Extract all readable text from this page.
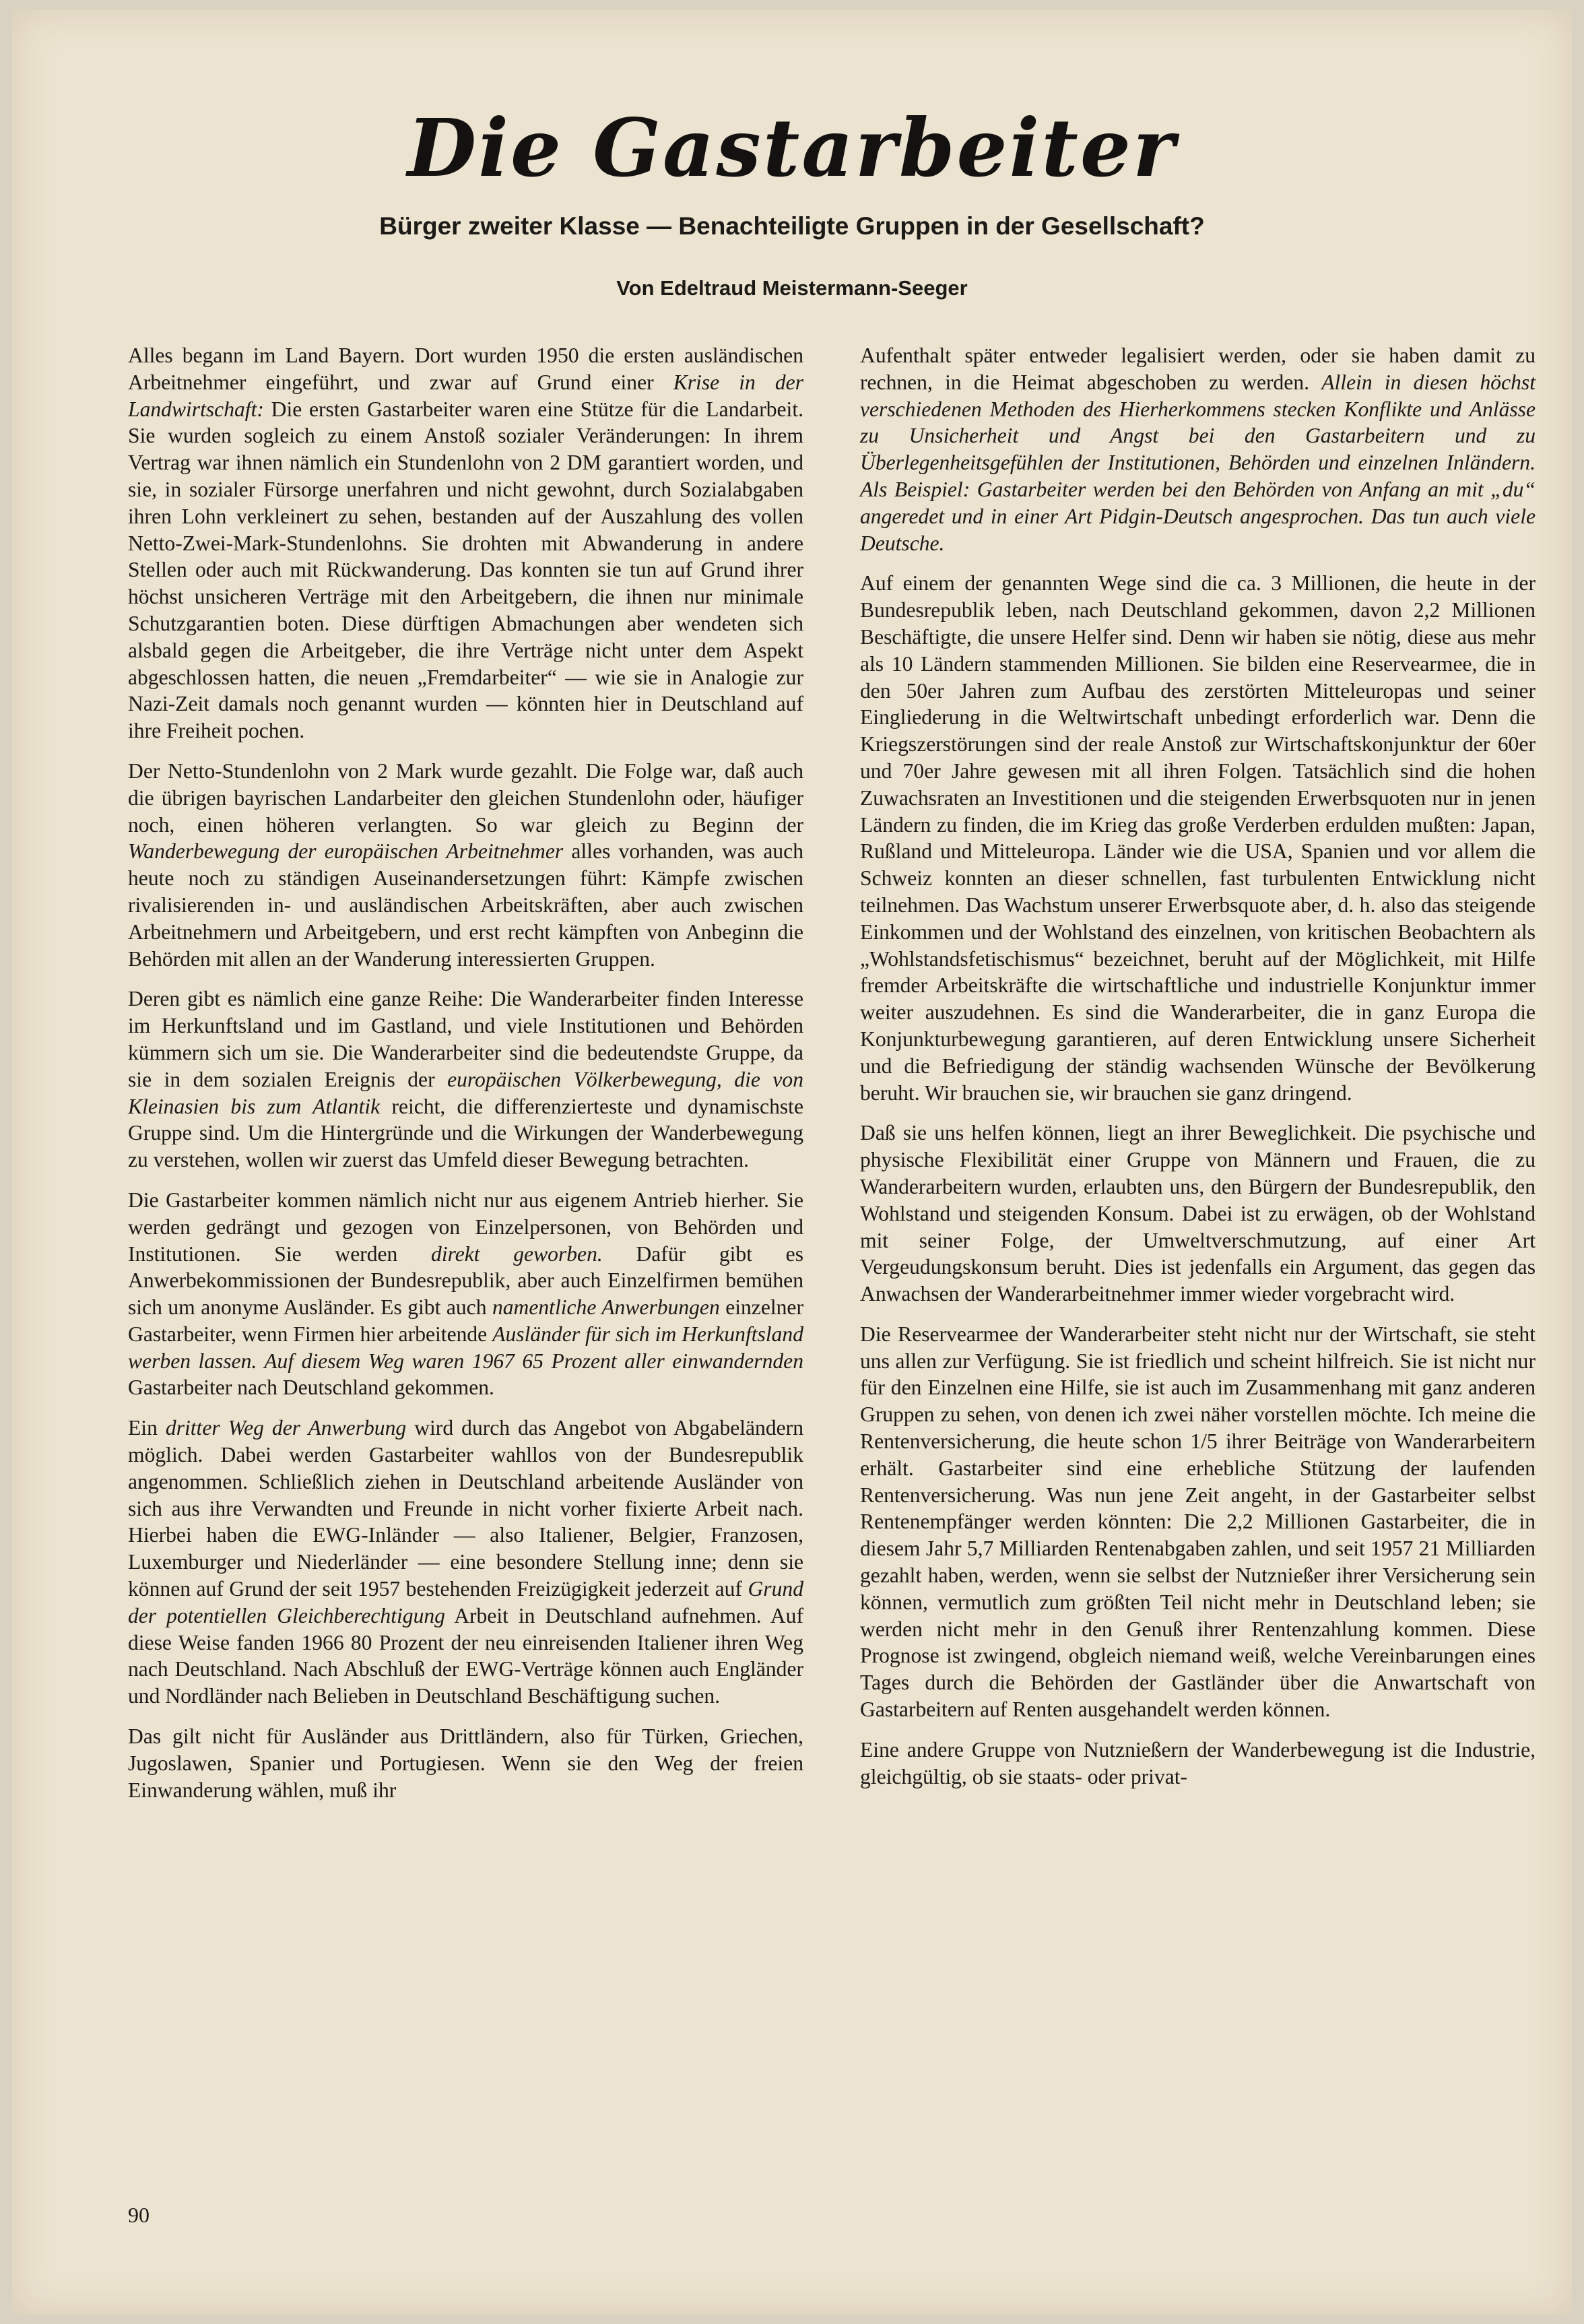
Die Gastarbeiter
Bürger zweiter Klasse — Benachteiligte Gruppen in der Gesellschaft?
Von Edeltraud Meistermann-Seeger

Alles begann im Land Bayern. Dort wurden 1950 die ersten ausländischen Arbeitnehmer eingeführt, und zwar auf Grund einer Krise in der Landwirtschaft: Die ersten Gastarbeiter waren eine Stütze für die Landarbeit. Sie wurden sogleich zu einem Anstoß sozialer Veränderungen: In ihrem Vertrag war ihnen nämlich ein Stundenlohn von 2 DM garantiert worden, und sie, in sozialer Fürsorge unerfahren und nicht gewohnt, durch Sozialabgaben ihren Lohn verkleinert zu sehen, bestanden auf der Auszahlung des vollen Netto-Zwei-Mark-Stundenlohns. Sie drohten mit Abwanderung in andere Stellen oder auch mit Rückwanderung. Das konnten sie tun auf Grund ihrer höchst unsicheren Verträge mit den Arbeitgebern, die ihnen nur minimale Schutzgarantien boten. Diese dürftigen Abmachungen aber wendeten sich alsbald gegen die Arbeitgeber, die ihre Verträge nicht unter dem Aspekt abgeschlossen hatten, die neuen „Fremdarbeiter“ — wie sie in Analogie zur Nazi-Zeit damals noch genannt wurden — könnten hier in Deutschland auf ihre Freiheit pochen.

Der Netto-Stundenlohn von 2 Mark wurde gezahlt. Die Folge war, daß auch die übrigen bayrischen Landarbeiter den gleichen Stundenlohn oder, häufiger noch, einen höheren verlangten. So war gleich zu Beginn der Wanderbewegung der europäischen Arbeitnehmer alles vorhanden, was auch heute noch zu ständigen Auseinandersetzungen führt: Kämpfe zwischen rivalisierenden in- und ausländischen Arbeitskräften, aber auch zwischen Arbeitnehmern und Arbeitgebern, und erst recht kämpften von Anbeginn die Behörden mit allen an der Wanderung interessierten Gruppen.

Deren gibt es nämlich eine ganze Reihe: Die Wanderarbeiter finden Interesse im Herkunftsland und im Gastland, und viele Institutionen und Behörden kümmern sich um sie. Die Wanderarbeiter sind die bedeutendste Gruppe, da sie in dem sozialen Ereignis der europäischen Völkerbewegung, die von Kleinasien bis zum Atlantik reicht, die differenzierteste und dynamischste Gruppe sind. Um die Hintergründe und die Wirkungen der Wanderbewegung zu verstehen, wollen wir zuerst das Umfeld dieser Bewegung betrachten.

Die Gastarbeiter kommen nämlich nicht nur aus eigenem Antrieb hierher. Sie werden gedrängt und gezogen von Einzelpersonen, von Behörden und Institutionen. Sie werden direkt geworben. Dafür gibt es Anwerbekommissionen der Bundesrepublik, aber auch Einzelfirmen bemühen sich um anonyme Ausländer. Es gibt auch namentliche Anwerbungen einzelner Gastarbeiter, wenn Firmen hier arbeitende Ausländer für sich im Herkunftsland werben lassen. Auf diesem Weg waren 1967 65 Prozent aller einwandernden Gastarbeiter nach Deutschland gekommen.

Ein dritter Weg der Anwerbung wird durch das Angebot von Abgabeländern möglich. Dabei werden Gastarbeiter wahllos von der Bundesrepublik angenommen. Schließlich ziehen in Deutschland arbeitende Ausländer von sich aus ihre Verwandten und Freunde in nicht vorher fixierte Arbeit nach. Hierbei haben die EWG-Inländer — also Italiener, Belgier, Franzosen, Luxemburger und Niederländer — eine besondere Stellung inne; denn sie können auf Grund der seit 1957 bestehenden Freizügigkeit jederzeit auf Grund der potentiellen Gleichberechtigung Arbeit in Deutschland aufnehmen. Auf diese Weise fanden 1966 80 Prozent der neu einreisenden Italiener ihren Weg nach Deutschland. Nach Abschluß der EWG-Verträge können auch Engländer und Nordländer nach Belieben in Deutschland Beschäftigung suchen.

Das gilt nicht für Ausländer aus Drittländern, also für Türken, Griechen, Jugoslawen, Spanier und Portugiesen. Wenn sie den Weg der freien Einwanderung wählen, muß ihr

Aufenthalt später entweder legalisiert werden, oder sie haben damit zu rechnen, in die Heimat abgeschoben zu werden. Allein in diesen höchst verschiedenen Methoden des Hierherkommens stecken Konflikte und Anlässe zu Unsicherheit und Angst bei den Gastarbeitern und zu Überlegenheitsgefühlen der Institutionen, Behörden und einzelnen Inländern. Als Beispiel: Gastarbeiter werden bei den Behörden von Anfang an mit „du“ angeredet und in einer Art Pidgin-Deutsch angesprochen. Das tun auch viele Deutsche.

Auf einem der genannten Wege sind die ca. 3 Millionen, die heute in der Bundesrepublik leben, nach Deutschland gekommen, davon 2,2 Millionen Beschäftigte, die unsere Helfer sind. Denn wir haben sie nötig, diese aus mehr als 10 Ländern stammenden Millionen. Sie bilden eine Reservearmee, die in den 50er Jahren zum Aufbau des zerstörten Mitteleuropas und seiner Eingliederung in die Weltwirtschaft unbedingt erforderlich war. Denn die Kriegszerstörungen sind der reale Anstoß zur Wirtschaftskonjunktur der 60er und 70er Jahre gewesen mit all ihren Folgen. Tatsächlich sind die hohen Zuwachsraten an Investitionen und die steigenden Erwerbsquoten nur in jenen Ländern zu finden, die im Krieg das große Verderben erdulden mußten: Japan, Rußland und Mitteleuropa. Länder wie die USA, Spanien und vor allem die Schweiz konnten an dieser schnellen, fast turbulenten Entwicklung nicht teilnehmen. Das Wachstum unserer Erwerbsquote aber, d. h. also das steigende Einkommen und der Wohlstand des einzelnen, von kritischen Beobachtern als „Wohlstandsfetischismus“ bezeichnet, beruht auf der Möglichkeit, mit Hilfe fremder Arbeitskräfte die wirtschaftliche und industrielle Konjunktur immer weiter auszudehnen. Es sind die Wanderarbeiter, die in ganz Europa die Konjunkturbewegung garantieren, auf deren Entwicklung unsere Sicherheit und die Befriedigung der ständig wachsenden Wünsche der Bevölkerung beruht. Wir brauchen sie, wir brauchen sie ganz dringend.

Daß sie uns helfen können, liegt an ihrer Beweglichkeit. Die psychische und physische Flexibilität einer Gruppe von Männern und Frauen, die zu Wanderarbeitern wurden, erlaubten uns, den Bürgern der Bundesrepublik, den Wohlstand und steigenden Konsum. Dabei ist zu erwägen, ob der Wohlstand mit seiner Folge, der Umweltverschmutzung, auf einer Art Vergeudungskonsum beruht. Dies ist jedenfalls ein Argument, das gegen das Anwachsen der Wanderarbeitnehmer immer wieder vorgebracht wird.

Die Reservearmee der Wanderarbeiter steht nicht nur der Wirtschaft, sie steht uns allen zur Verfügung. Sie ist friedlich und scheint hilfreich. Sie ist nicht nur für den Einzelnen eine Hilfe, sie ist auch im Zusammenhang mit ganz anderen Gruppen zu sehen, von denen ich zwei näher vorstellen möchte. Ich meine die Rentenversicherung, die heute schon 1/5 ihrer Beiträge von Wanderarbeitern erhält. Gastarbeiter sind eine erhebliche Stützung der laufenden Rentenversicherung. Was nun jene Zeit angeht, in der Gastarbeiter selbst Rentenempfänger werden könnten: Die 2,2 Millionen Gastarbeiter, die in diesem Jahr 5,7 Milliarden Rentenabgaben zahlen, und seit 1957 21 Milliarden gezahlt haben, werden, wenn sie selbst der Nutznießer ihrer Versicherung sein können, vermutlich zum größten Teil nicht mehr in Deutschland leben; sie werden nicht mehr in den Genuß ihrer Rentenzahlung kommen. Diese Prognose ist zwingend, obgleich niemand weiß, welche Vereinbarungen eines Tages durch die Behörden der Gastländer über die Anwartschaft von Gastarbeitern auf Renten ausgehandelt werden können.

Eine andere Gruppe von Nutznießern der Wanderbewegung ist die Industrie, gleichgültig, ob sie staats- oder privat-

90
